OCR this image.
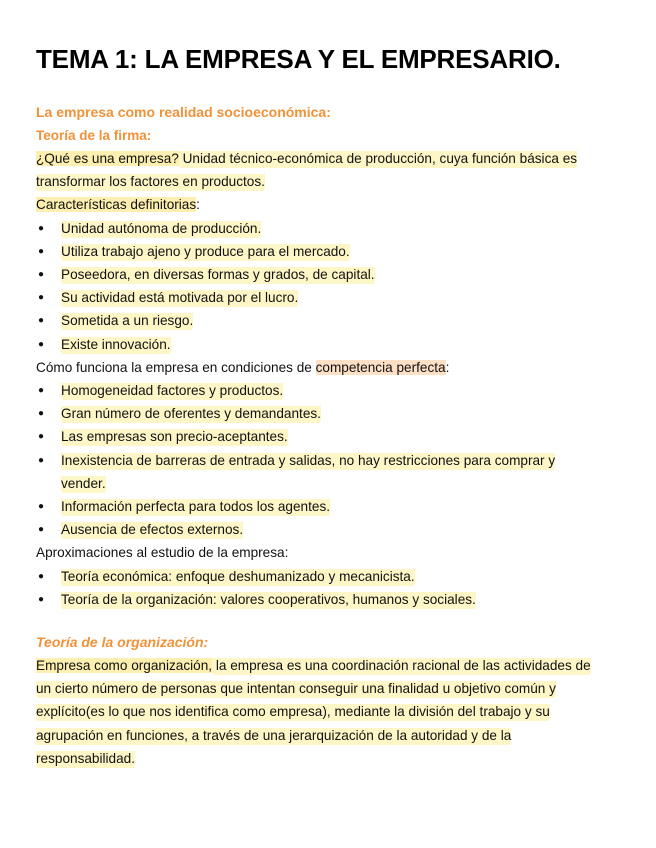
TEMA 1: LA EMPRESA Y EL EMPRESARIO.
La empresa como realidad socioeconómica:
Teoría de la firma:

¿Qué es una empresa? Unidad técnico-económica de producción, cuya función básica es
transformar los factores en productos.

Características definitorias:

● Unidad autónoma de producción.
● Utiliza trabajo ajeno y produce para el mercado.
● Poseedora, en diversas formas y grados, de capital.
● Su actividad está motivada por el lucro.
● Sometida a un riesgo.
● Existe innovación.

Cómo funciona la empresa en condiciones de competencia perfecta:

● Homogeneidad factores y productos.
● Gran número de oferentes y demandantes.
● Las empresas son precio-aceptantes.
● Inexistencia de barreras de entrada y salidas, no hay restricciones para comprar y
vender.
● Información perfecta para todos los agentes.
● Ausencia de efectos externos.

Aproximaciones al estudio de la empresa:

● Teoría económica: enfoque deshumanizado y mecanicista.
● Teoría de la organización: valores cooperativos, humanos y sociales.
Teoría de la organización:

Empresa como organización, la empresa es una coordinación racional de las actividades de
un cierto número de personas que intentan conseguir una finalidad u objetivo común y
explícito(es lo que nos identifica como empresa), mediante la división del trabajo y su
agrupación en funciones, a través de una jerarquización de la autoridad y de la
responsabilidad.
